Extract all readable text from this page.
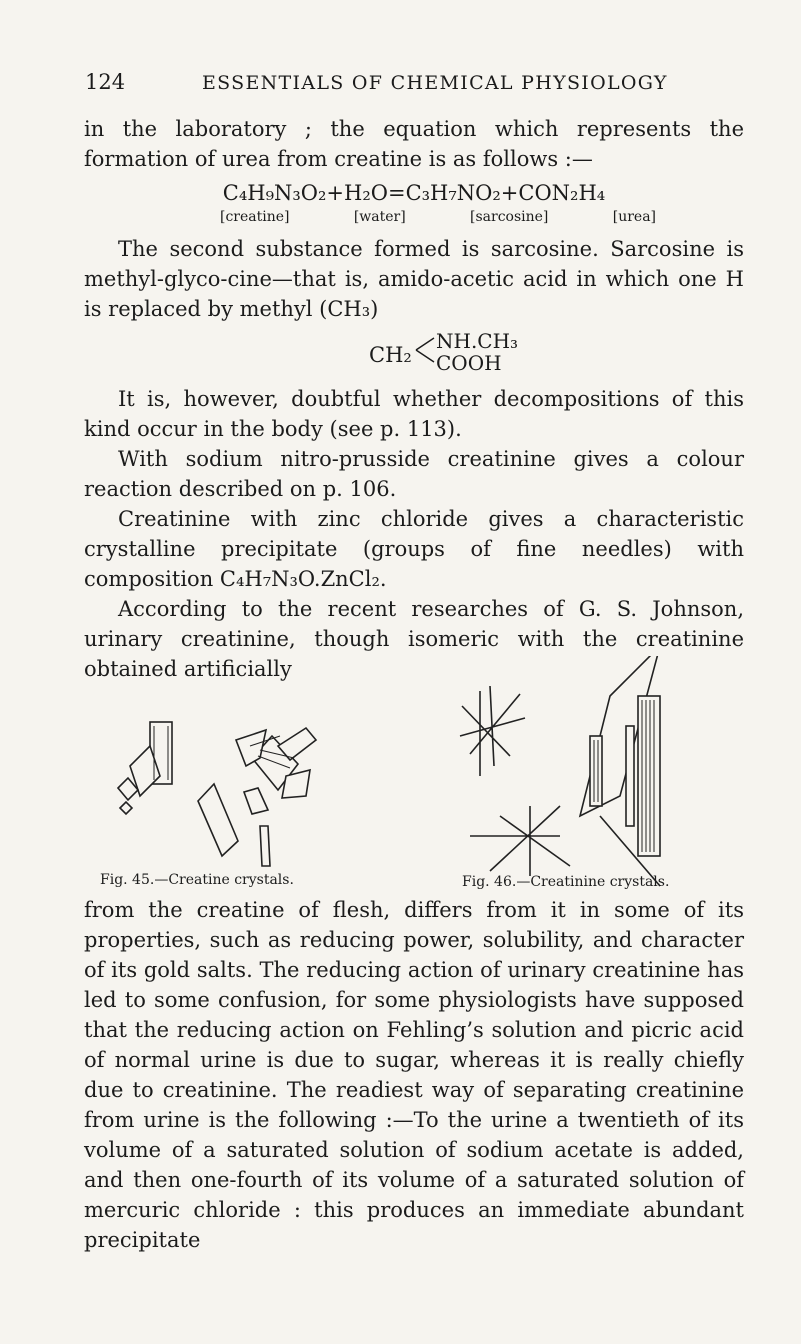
124	ESSENTIALS OF CHEMICAL PHYSIOLOGY

in the laboratory ; the equation which represents the formation of urea from creatine is as follows :—

C₄H₉N₃O₂+H₂O=C₃H₇NO₂+CON₂H₄
[creatine]	[water]	[sarcosine]	[urea]

The second substance formed is sarcosine. Sarcosine is methyl-glyco-cine—that is, amido-acetic acid in which one H is replaced by methyl (CH₃)

CH₂
NH.CH₃
COOH

It is, however, doubtful whether decompositions of this kind occur in the body (see p. 113).

With sodium nitro-prusside creatinine gives a colour reaction described on p. 106.

Creatinine with zinc chloride gives a characteristic crystalline precipitate (groups of fine needles) with composition C₄H₇N₃O.ZnCl₂.

According to the recent researches of G. S. Johnson, urinary creatinine, though isomeric with the creatinine obtained artificially

Fig. 45.—Creatine crystals.	Fig. 46.—Creatinine crystals.

from the creatine of flesh, differs from it in some of its properties, such as reducing power, solubility, and character of its gold salts. The reducing action of urinary creatinine has led to some confusion, for some physiologists have supposed that the reducing action on Fehling’s solution and picric acid of normal urine is due to sugar, whereas it is really chiefly due to creatinine. The readiest way of separating creatinine from urine is the following :—To the urine a twentieth of its volume of a saturated solution of sodium acetate is added, and then one-fourth of its volume of a saturated solution of mercuric chloride : this produces an immediate abundant precipitate
